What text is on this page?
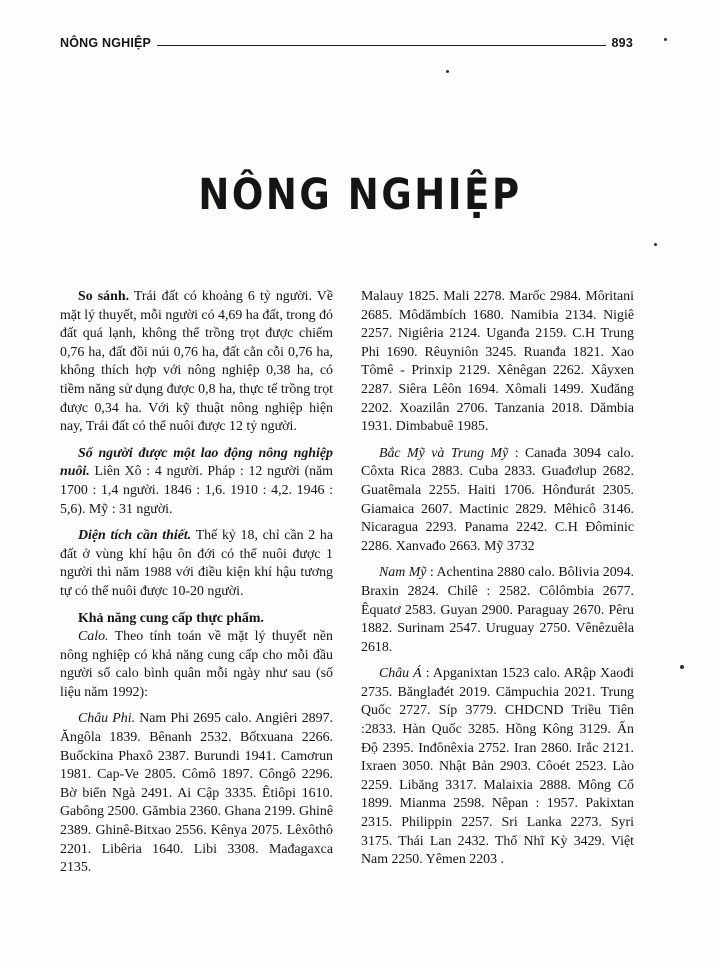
NÔNG NGHIỆP	893
NÔNG NGHIỆP

So sánh. Trái đất có khoảng 6 tỷ người. Về mặt lý thuyết, mỗi người có 4,69 ha đất, trong đó đất quá lạnh, không thể trồng trọt được chiếm 0,76 ha, đất đồi núi 0,76 ha, đất cằn cỗi 0,76 ha, không thích hợp với nông nghiệp 0,38 ha, có tiềm năng sử dụng được 0,8 ha, thực tế trồng trọt được 0,34 ha. Với kỹ thuật nông nghiệp hiện nay, Trái đất có thể nuôi được 12 tỷ người.

Số người được một lao động nông nghiệp nuôi. Liên Xô : 4 người. Pháp : 12 người (năm 1700 : 1,4 người. 1846 : 1,6. 1910 : 4,2. 1946 : 5,6). Mỹ : 31 người.

Diện tích cần thiết. Thế kỷ 18, chỉ cần 2 ha đất ở vùng khí hậu ôn đới có thể nuôi được 1 người thì năm 1988 với điều kiện khí hậu tương tự có thể nuôi được 10-20 người.

Khả năng cung cấp thực phẩm.

Calo. Theo tính toán về mặt lý thuyết nền nông nghiệp có khả năng cung cấp cho mỗi đầu người số calo bình quân mỗi ngày như sau (số liệu năm 1992):

Châu Phi. Nam Phi 2695 calo. Angiêri 2897. Ăngôla 1839. Bênanh 2532. Bốtxuana 2266. Buốckina Phaxô 2387. Burundi 1941. Camơrun 1981. Cap-Ve 2805. Cômô 1897. Côngô 2296. Bờ biển Ngà 2491. Ai Cập 3335. Êtiôpi 1610. Gabông 2500. Gămbia 2360. Ghana 2199. Ghinê 2389. Ghinê-Bitxao 2556. Kênya 2075. Lêxôthô 2201. Libêria 1640. Libi 3308. Mađagaxca 2135.

Malauy 1825. Mali 2278. Marốc 2984. Môritani 2685. Môdămbích 1680. Namibia 2134. Nigiê 2257. Nigiêria 2124. Uganđa 2159. C.H Trung Phi 1690. Rêuyniôn 3245. Ruanđa 1821. Xao Tômê - Prinxip 2129. Xênêgan 2262. Xâyxen 2287. Siêra Lêôn 1694. Xômali 1499. Xuđăng 2202. Xoazilân 2706. Tanzania 2018. Dămbia 1931. Dimbabuê 1985.

Bắc Mỹ và Trung Mỹ : Canađa 3094 calo. Côxta Rica 2883. Cuba 2833. Guađơlup 2682. Guatêmala 2255. Haiti 1706. Hônđurát 2305. Giamaica 2607. Mactinic 2829. Mêhicô 3146. Nicaragua 2293. Panama 2242. C.H Đôminic 2286. Xanvađo 2663. Mỹ 3732

Nam Mỹ : Achentina 2880 calo. Bôlivia 2094. Braxin 2824. Chilê : 2582. Côlômbia 2677. Êquatơ 2583. Guyan 2900. Paraguay 2670. Pêru 1882. Surinam 2547. Uruguay 2750. Vênêzuêla 2618.

Châu Á : Apganixtan 1523 calo. ARập Xaođi 2735. Bănglađét 2019. Cămpuchia 2021. Trung Quốc 2727. Síp 3779. CHDCND Triều Tiên :2833. Hàn Quốc 3285. Hồng Kông 3129. Ấn Độ 2395. Inđônêxia 2752. Iran 2860. Irắc 2121. Ixraen 3050. Nhật Bản 2903. Côoét 2523. Lào 2259. Libăng 3317. Malaixia 2888. Mông Cổ 1899. Mianma 2598. Nêpan : 1957. Pakixtan 2315. Philippin 2257. Sri Lanka 2273. Syri 3175. Thái Lan 2432. Thổ Nhĩ Kỳ 3429. Việt Nam 2250. Yêmen 2203 .
